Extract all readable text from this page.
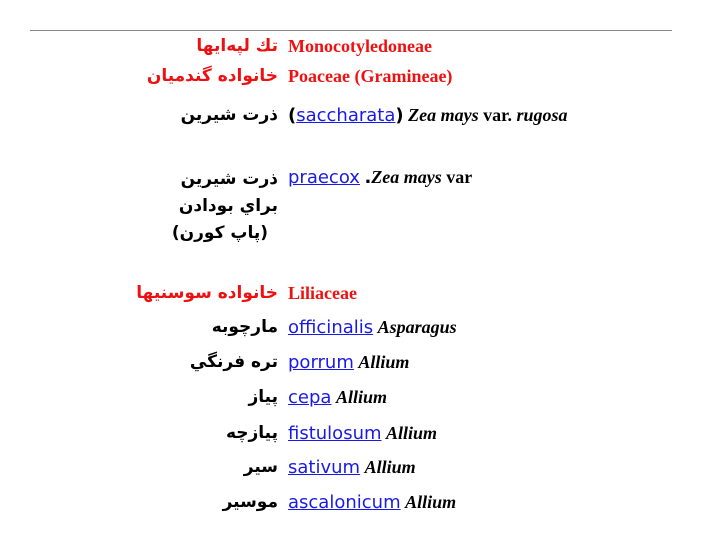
تك لپه‌ايها Monocotyledoneae
خانواده گندميان Poaceae (Gramineae)
ذرت شيرين (saccharata) Zea mays var. rugosa
ذرت شيرين
براي بودادن
(پاپ كورن)
praecox .Zea mays var
خانواده سوسنيها Liliaceae
مارچوبه officinalis Asparagus
تره فرنگي porrum Allium
پياز cepa Allium
پيازچه fistulosum Allium
سير sativum Allium
موسير ascalonicum Allium
